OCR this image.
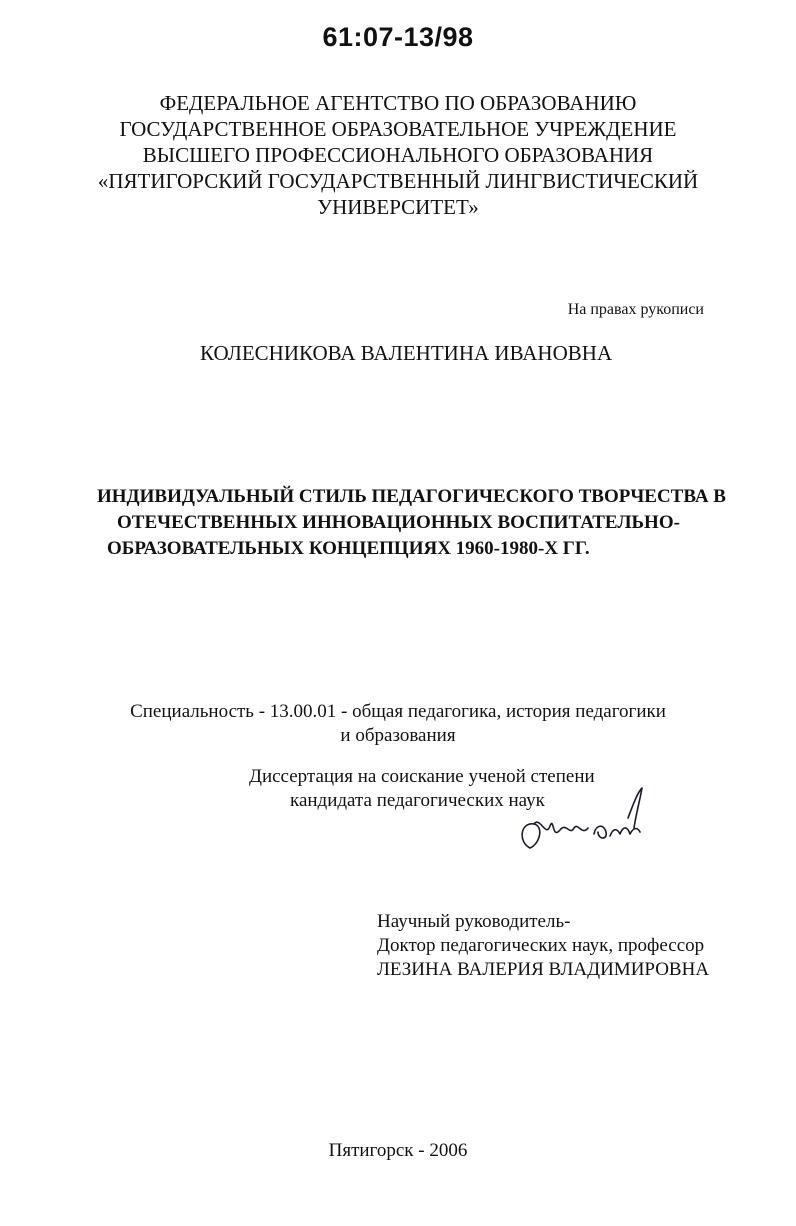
61:07-13/98
ФЕДЕРАЛЬНОЕ АГЕНТСТВО ПО ОБРАЗОВАНИЮ
ГОСУДАРСТВЕННОЕ ОБРАЗОВАТЕЛЬНОЕ УЧРЕЖДЕНИЕ
ВЫСШЕГО ПРОФЕССИОНАЛЬНОГО ОБРАЗОВАНИЯ
«ПЯТИГОРСКИЙ ГОСУДАРСТВЕННЫЙ ЛИНГВИСТИЧЕСКИЙ
УНИВЕРСИТЕТ»
На правах рукописи
КОЛЕСНИКОВА ВАЛЕНТИНА ИВАНОВНА
ИНДИВИДУАЛЬНЫЙ СТИЛЬ ПЕДАГОГИЧЕСКОГО ТВОРЧЕСТВА В
ОТЕЧЕСТВЕННЫХ ИННОВАЦИОННЫХ ВОСПИТАТЕЛЬНО-
ОБРАЗОВАТЕЛЬНЫХ КОНЦЕПЦИЯХ 1960-1980-Х ГГ.
Специальность - 13.00.01 - общая педагогика, история педагогики
и образования
Диссертация на соискание ученой степени
кандидата педагогических наук
Научный руководитель-
Доктор педагогических наук, профессор
ЛЕЗИНА ВАЛЕРИЯ ВЛАДИМИРОВНА
Пятигорск - 2006
